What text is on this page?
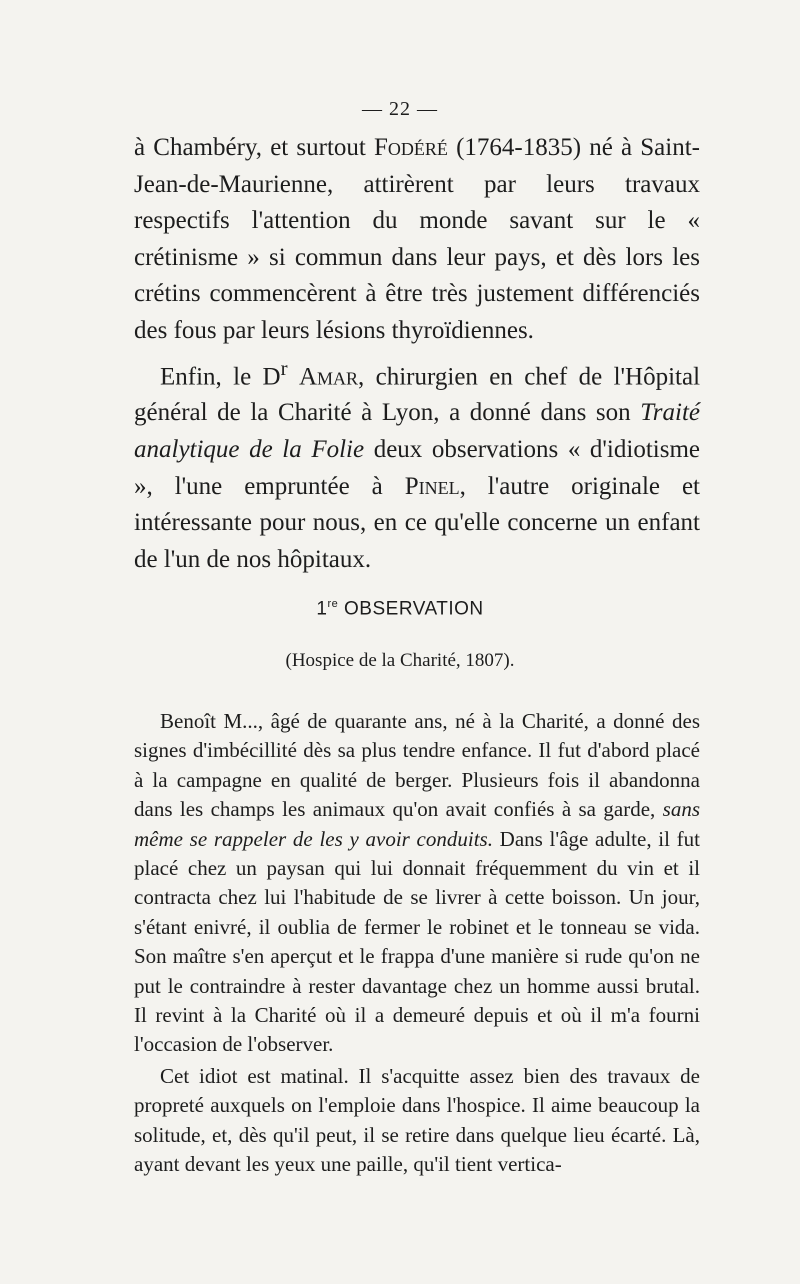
— 22 —

à Chambéry, et surtout Fodéré (1764-1835) né à Saint-Jean-de-Maurienne, attirèrent par leurs travaux respectifs l'attention du monde savant sur le « crétinisme » si commun dans leur pays, et dès lors les crétins commencèrent à être très justement différenciés des fous par leurs lésions thyroïdiennes.

Enfin, le $D^r$ Amar, chirurgien en chef de l'Hôpital général de la Charité à Lyon, a donné dans son Traité analytique de la Folie deux observations « d'idiotisme », l'une empruntée à Pinel, l'autre originale et intéressante pour nous, en ce qu'elle concerne un enfant de l'un de nos hôpitaux.

1re OBSERVATION
(Hospice de la Charité, 1807).

Benoît M..., âgé de quarante ans, né à la Charité, a donné des signes d'imbécillité dès sa plus tendre enfance. Il fut d'abord placé à la campagne en qualité de berger. Plusieurs fois il abandonna dans les champs les animaux qu'on avait confiés à sa garde, sans même se rappeler de les y avoir conduits. Dans l'âge adulte, il fut placé chez un paysan qui lui donnait fréquemment du vin et il contracta chez lui l'habitude de se livrer à cette boisson. Un jour, s'étant enivré, il oublia de fermer le robinet et le tonneau se vida. Son maître s'en aperçut et le frappa d'une manière si rude qu'on ne put le contraindre à rester davantage chez un homme aussi brutal. Il revint à la Charité où il a demeuré depuis et où il m'a fourni l'occasion de l'observer.

Cet idiot est matinal. Il s'acquitte assez bien des travaux de propreté auxquels on l'emploie dans l'hospice. Il aime beaucoup la solitude, et, dès qu'il peut, il se retire dans quelque lieu écarté. Là, ayant devant les yeux une paille, qu'il tient vertica-
